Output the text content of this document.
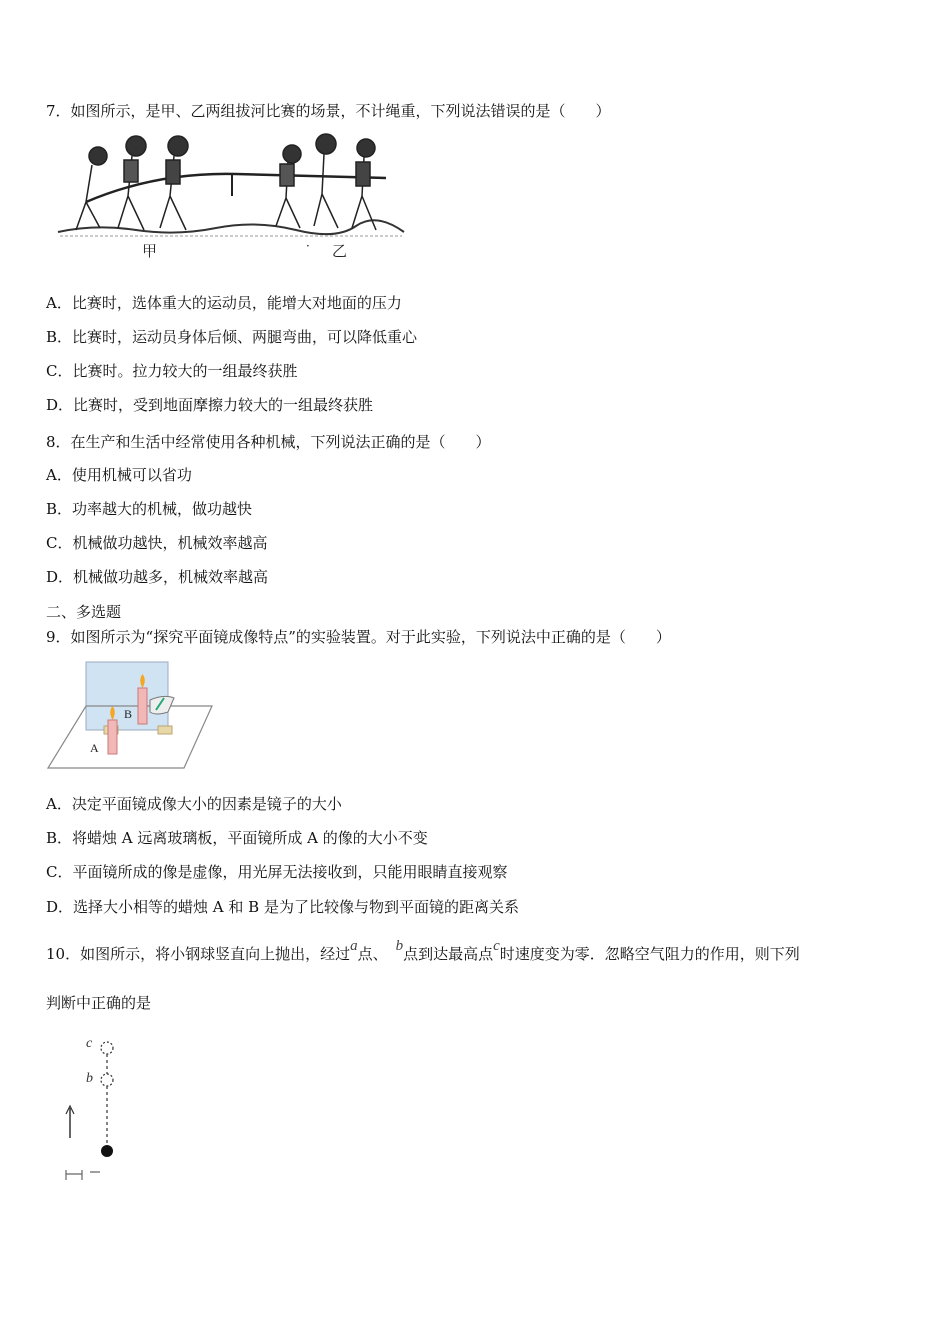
7．如图所示，是甲、乙两组拔河比赛的场景，不计绳重，下列说法错误的是（　　）
甲	乙
·
A．比赛时，选体重大的运动员，能增大对地面的压力
B．比赛时，运动员身体后倾、两腿弯曲，可以降低重心
C．比赛时。拉力较大的一组最终获胜
D．比赛时，受到地面摩擦力较大的一组最终获胜
8．在生产和生活中经常使用各种机械，下列说法正确的是（　　）
A．使用机械可以省功
B．功率越大的机械，做功越快
C．机械做功越快，机械效率越高
D．机械做功越多，机械效率越高
二、多选题
9．如图所示为“探究平面镜成像特点”的实验装置。对于此实验，下列说法中正确的是（　　）
B
A
A．决定平面镜成像大小的因素是镜子的大小
B．将蜡烛 A 远离玻璃板，平面镜所成 A 的像的大小不变
C．平面镜所成的像是虚像，用光屏无法接收到，只能用眼睛直接观察
D．选择大小相等的蜡烛 A 和 B 是为了比较像与物到平面镜的距离关系
10．如图所示，将小钢球竖直向上抛出，经过a点、 b点到达最高点c时速度变为零．忽略空气阻力的作用，则下列
判断中正确的是
c
b
